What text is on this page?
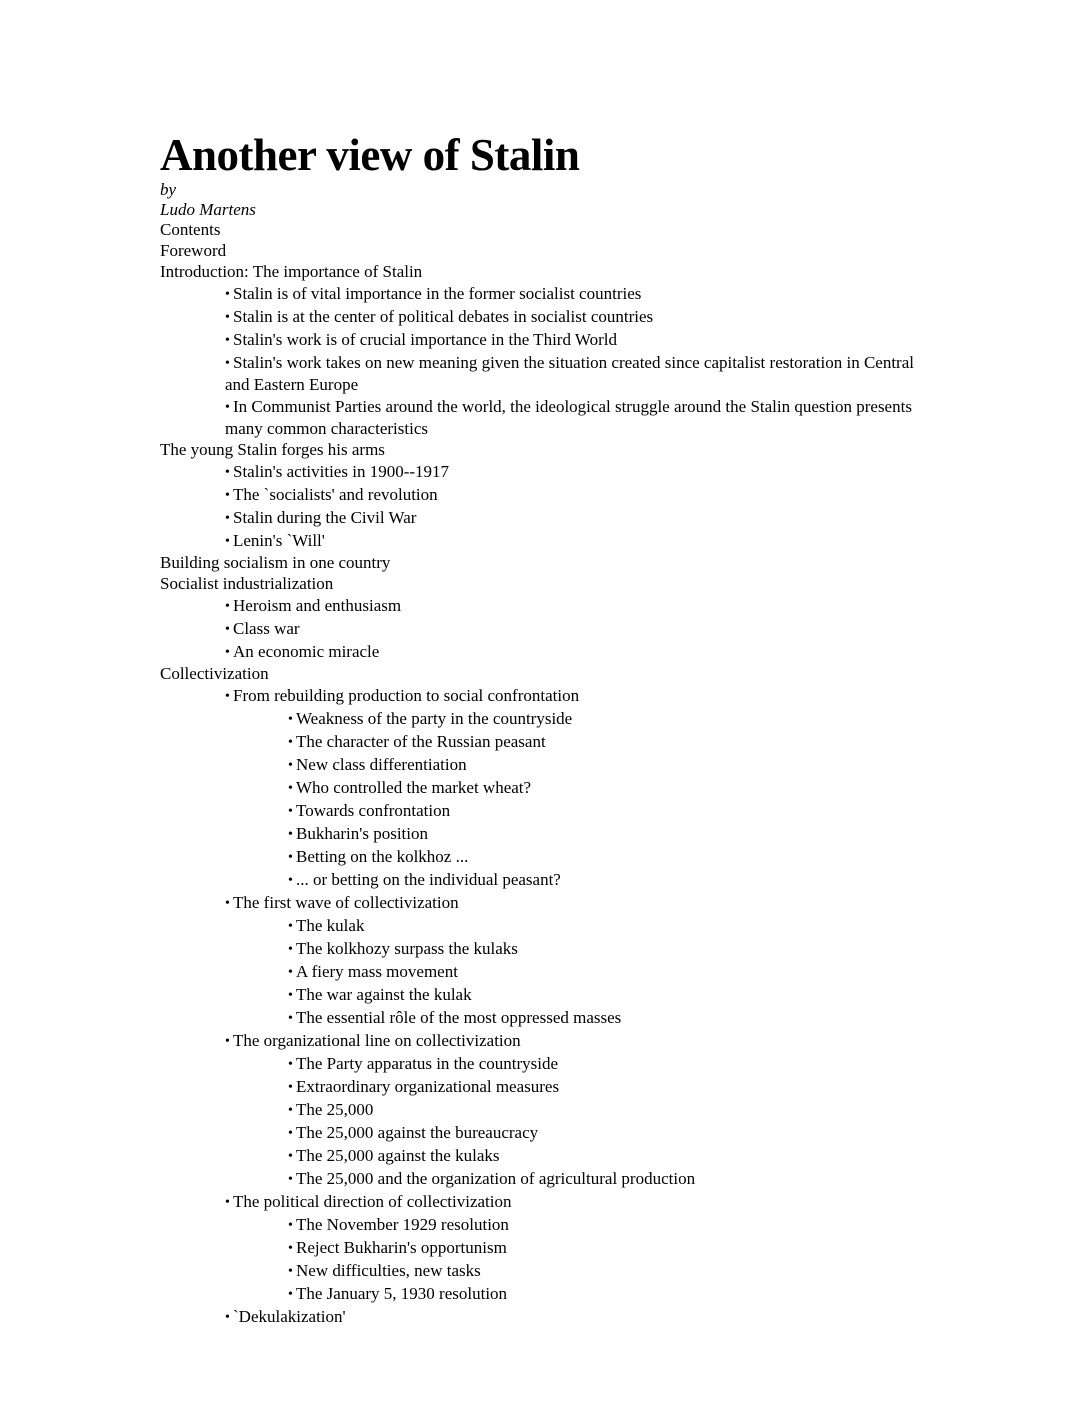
Another view of Stalin
by
Ludo Martens
Contents
Foreword
Introduction: The importance of Stalin
• Stalin is of vital importance in the former socialist countries
• Stalin is at the center of political debates in socialist countries
• Stalin's work is of crucial importance in the Third World
• Stalin's work takes on new meaning given the situation created since capitalist restoration in Central and Eastern Europe
• In Communist Parties around the world, the ideological struggle around the Stalin question presents many common characteristics
The young Stalin forges his arms
• Stalin's activities in 1900--1917
• The `socialists' and revolution
• Stalin during the Civil War
• Lenin's `Will'
Building socialism in one country
Socialist industrialization
• Heroism and enthusiasm
• Class war
• An economic miracle
Collectivization
• From rebuilding production to social confrontation
• Weakness of the party in the countryside
• The character of the Russian peasant
• New class differentiation
• Who controlled the market wheat?
• Towards confrontation
• Bukharin's position
• Betting on the kolkhoz ...
• ... or betting on the individual peasant?
• The first wave of collectivization
• The kulak
• The kolkhozy surpass the kulaks
• A fiery mass movement
• The war against the kulak
• The essential rôle of the most oppressed masses
• The organizational line on collectivization
• The Party apparatus in the countryside
• Extraordinary organizational measures
• The 25,000
• The 25,000 against the bureaucracy
• The 25,000 against the kulaks
• The 25,000 and the organization of agricultural production
• The political direction of collectivization
• The November 1929 resolution
• Reject Bukharin's opportunism
• New difficulties, new tasks
• The January 5, 1930 resolution
• `Dekulakization'
